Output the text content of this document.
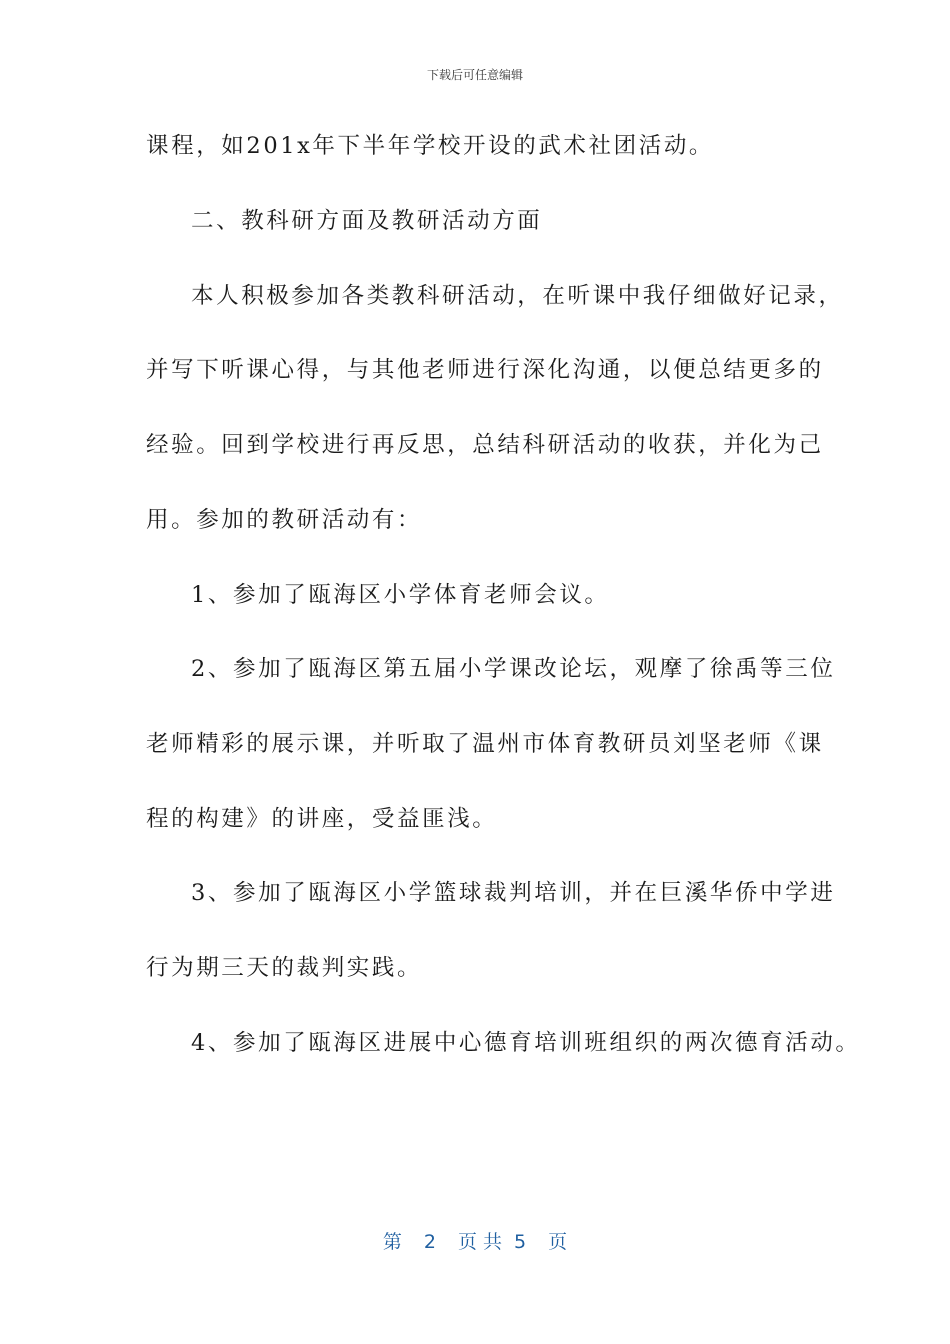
下载后可任意编辑
课程，如201x年下半年学校开设的武术社团活动。
二、教科研方面及教研活动方面
本人积极参加各类教科研活动，在听课中我仔细做好记录，
并写下听课心得，与其他老师进行深化沟通，以便总结更多的
经验。回到学校进行再反思，总结科研活动的收获，并化为己
用。参加的教研活动有：
1、参加了瓯海区小学体育老师会议。
2、参加了瓯海区第五届小学课改论坛，观摩了徐禹等三位
老师精彩的展示课，并听取了温州市体育教研员刘坚老师《课
程的构建》的讲座，受益匪浅。
3、参加了瓯海区小学篮球裁判培训，并在巨溪华侨中学进
行为期三天的裁判实践。
4、参加了瓯海区进展中心德育培训班组织的两次德育活动。
第 2 页共 5 页
